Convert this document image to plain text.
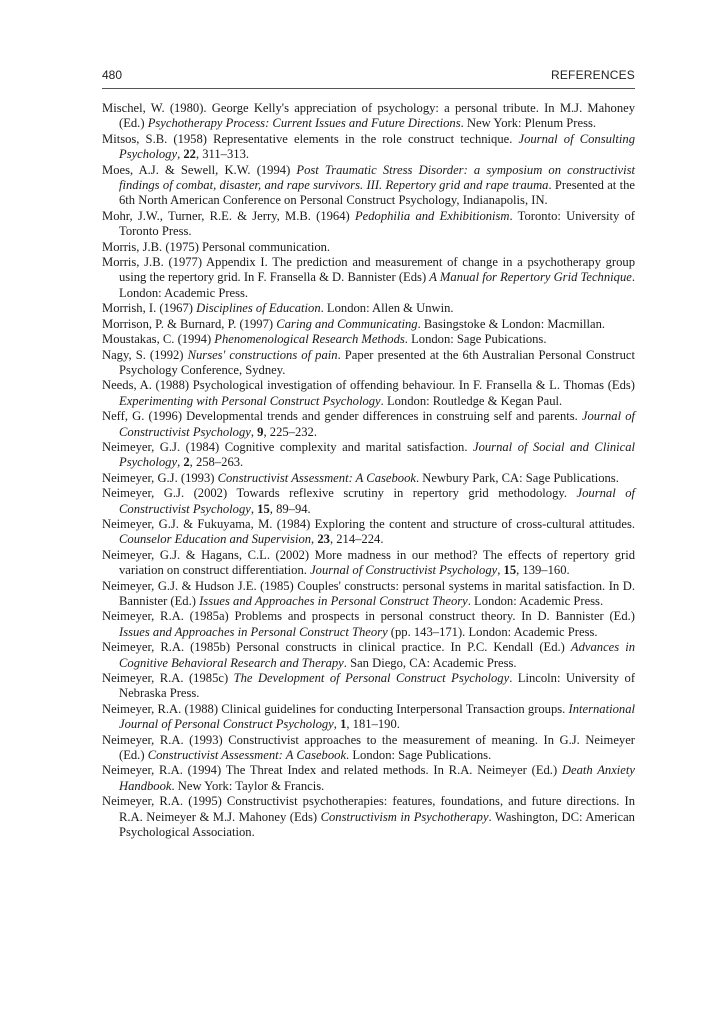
480	REFERENCES

Mischel, W. (1980). George Kelly's appreciation of psychology: a personal tribute. In M.J. Mahoney (Ed.) Psychotherapy Process: Current Issues and Future Directions. New York: Plenum Press.

Mitsos, S.B. (1958) Representative elements in the role construct technique. Journal of Consulting Psychology, 22, 311–313.

Moes, A.J. & Sewell, K.W. (1994) Post Traumatic Stress Disorder: a symposium on constructivist findings of combat, disaster, and rape survivors. III. Repertory grid and rape trauma. Presented at the 6th North American Conference on Personal Construct Psychology, Indianapolis, IN.

Mohr, J.W., Turner, R.E. & Jerry, M.B. (1964) Pedophilia and Exhibitionism. Toronto: University of Toronto Press.

Morris, J.B. (1975) Personal communication.

Morris, J.B. (1977) Appendix I. The prediction and measurement of change in a psychotherapy group using the repertory grid. In F. Fransella & D. Bannister (Eds) A Manual for Repertory Grid Technique. London: Academic Press.

Morrish, I. (1967) Disciplines of Education. London: Allen & Unwin.

Morrison, P. & Burnard, P. (1997) Caring and Communicating. Basingstoke & London: Macmillan.

Moustakas, C. (1994) Phenomenological Research Methods. London: Sage Pubications.

Nagy, S. (1992) Nurses' constructions of pain. Paper presented at the 6th Australian Personal Construct Psychology Conference, Sydney.

Needs, A. (1988) Psychological investigation of offending behaviour. In F. Fransella & L. Thomas (Eds) Experimenting with Personal Construct Psychology. London: Routledge & Kegan Paul.

Neff, G. (1996) Developmental trends and gender differences in construing self and parents. Journal of Constructivist Psychology, 9, 225–232.

Neimeyer, G.J. (1984) Cognitive complexity and marital satisfaction. Journal of Social and Clinical Psychology, 2, 258–263.

Neimeyer, G.J. (1993) Constructivist Assessment: A Casebook. Newbury Park, CA: Sage Publications.

Neimeyer, G.J. (2002) Towards reflexive scrutiny in repertory grid methodology. Journal of Constructivist Psychology, 15, 89–94.

Neimeyer, G.J. & Fukuyama, M. (1984) Exploring the content and structure of cross-cultural attitudes. Counselor Education and Supervision, 23, 214–224.

Neimeyer, G.J. & Hagans, C.L. (2002) More madness in our method? The effects of repertory grid variation on construct differentiation. Journal of Constructivist Psychology, 15, 139–160.

Neimeyer, G.J. & Hudson J.E. (1985) Couples' constructs: personal systems in marital satisfaction. In D. Bannister (Ed.) Issues and Approaches in Personal Construct Theory. London: Academic Press.

Neimeyer, R.A. (1985a) Problems and prospects in personal construct theory. In D. Bannister (Ed.) Issues and Approaches in Personal Construct Theory (pp. 143–171). London: Academic Press.

Neimeyer, R.A. (1985b) Personal constructs in clinical practice. In P.C. Kendall (Ed.) Advances in Cognitive Behavioral Research and Therapy. San Diego, CA: Academic Press.

Neimeyer, R.A. (1985c) The Development of Personal Construct Psychology. Lincoln: University of Nebraska Press.

Neimeyer, R.A. (1988) Clinical guidelines for conducting Interpersonal Transaction groups. International Journal of Personal Construct Psychology, 1, 181–190.

Neimeyer, R.A. (1993) Constructivist approaches to the measurement of meaning. In G.J. Neimeyer (Ed.) Constructivist Assessment: A Casebook. London: Sage Publications.

Neimeyer, R.A. (1994) The Threat Index and related methods. In R.A. Neimeyer (Ed.) Death Anxiety Handbook. New York: Taylor & Francis.

Neimeyer, R.A. (1995) Constructivist psychotherapies: features, foundations, and future directions. In R.A. Neimeyer & M.J. Mahoney (Eds) Constructivism in Psychotherapy. Washington, DC: American Psychological Association.
